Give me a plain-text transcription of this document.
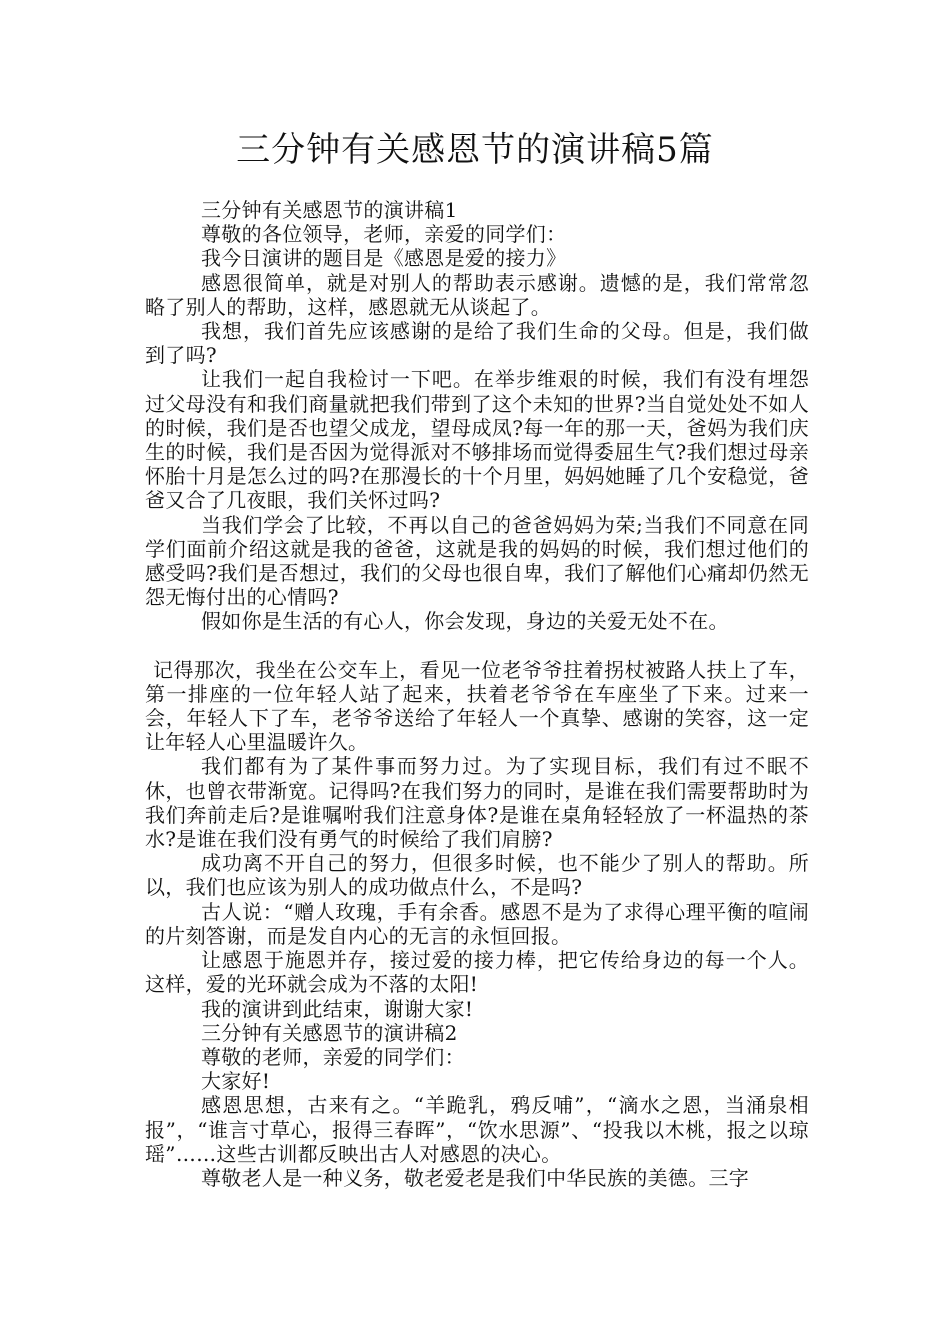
三分钟有关感恩节的演讲稿5篇

三分钟有关感恩节的演讲稿1

尊敬的各位领导，老师，亲爱的同学们：

我今日演讲的题目是《感恩是爱的接力》

感恩很简单，就是对别人的帮助表示感谢。遗憾的是，我们常常忽略了别人的帮助，这样，感恩就无从谈起了。

我想，我们首先应该感谢的是给了我们生命的父母。但是，我们做到了吗?

让我们一起自我检讨一下吧。在举步维艰的时候，我们有没有埋怨过父母没有和我们商量就把我们带到了这个未知的世界?当自觉处处不如人的时候，我们是否也望父成龙，望母成凤?每一年的那一天，爸妈为我们庆生的时候，我们是否因为觉得派对不够排场而觉得委屈生气?我们想过母亲怀胎十月是怎么过的吗?在那漫长的十个月里，妈妈她睡了几个安稳觉，爸爸又合了几夜眼，我们关怀过吗?

当我们学会了比较，不再以自己的爸爸妈妈为荣;当我们不同意在同学们面前介绍这就是我的爸爸，这就是我的妈妈的时候，我们想过他们的感受吗?我们是否想过，我们的父母也很自卑，我们了解他们心痛却仍然无怨无悔付出的心情吗?

假如你是生活的有心人，你会发现，身边的关爱无处不在。

记得那次，我坐在公交车上，看见一位老爷爷拄着拐杖被路人扶上了车，第一排座的一位年轻人站了起来，扶着老爷爷在车座坐了下来。过来一会，年轻人下了车，老爷爷送给了年轻人一个真挚、感谢的笑容，这一定让年轻人心里温暖许久。

我们都有为了某件事而努力过。为了实现目标，我们有过不眠不休，也曾衣带渐宽。记得吗?在我们努力的同时，是谁在我们需要帮助时为我们奔前走后?是谁嘱咐我们注意身体?是谁在桌角轻轻放了一杯温热的茶水?是谁在我们没有勇气的时候给了我们肩膀?

成功离不开自己的努力，但很多时候，也不能少了别人的帮助。所以，我们也应该为别人的成功做点什么，不是吗?

古人说：“赠人玫瑰，手有余香。感恩不是为了求得心理平衡的喧闹的片刻答谢，而是发自内心的无言的永恒回报。

让感恩于施恩并存，接过爱的接力棒，把它传给身边的每一个人。这样，爱的光环就会成为不落的太阳!

我的演讲到此结束，谢谢大家!

三分钟有关感恩节的演讲稿2

尊敬的老师，亲爱的同学们：

大家好!

感恩思想，古来有之。“羊跪乳，鸦反哺”，“滴水之恩，当涌泉相报”，“谁言寸草心，报得三春晖”，“饮水思源”、“投我以木桃，报之以琼瑶”……这些古训都反映出古人对感恩的决心。

尊敬老人是一种义务，敬老爱老是我们中华民族的美德。三字
